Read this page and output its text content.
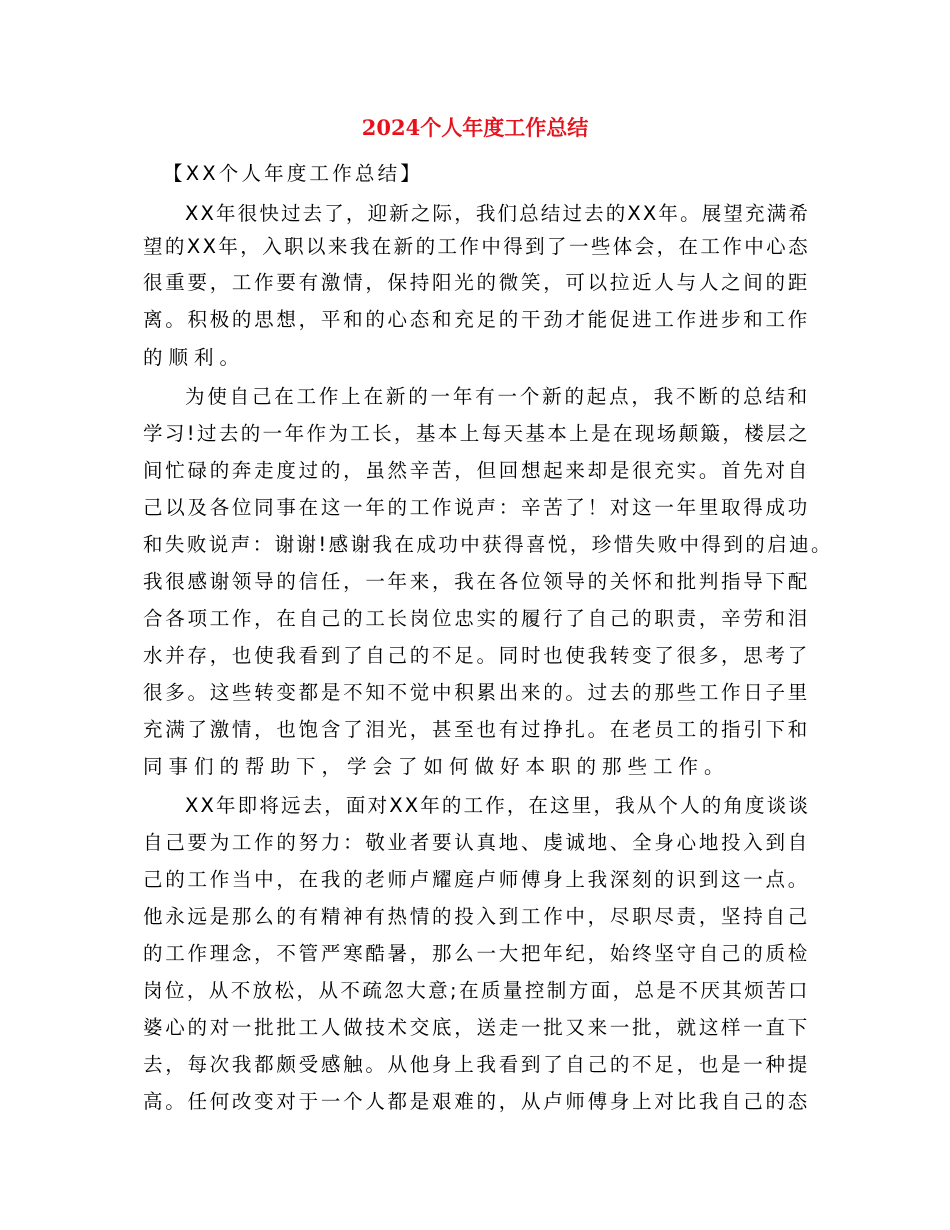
2024个人年度工作总结
【XX个人年度工作总结】
XX年很快过去了，迎新之际，我们总结过去的XX年。展望充满希
望的XX年，入职以来我在新的工作中得到了一些体会，在工作中心态
很重要，工作要有激情，保持阳光的微笑，可以拉近人与人之间的距
离。积极的思想，平和的心态和充足的干劲才能促进工作进步和工作
的顺利。
为使自己在工作上在新的一年有一个新的起点，我不断的总结和
学习!过去的一年作为工长，基本上每天基本上是在现场颠簸，楼层之
间忙碌的奔走度过的，虽然辛苦，但回想起来却是很充实。首先对自
己以及各位同事在这一年的工作说声：辛苦了！对这一年里取得成功
和失败说声：谢谢!感谢我在成功中获得喜悦，珍惜失败中得到的启迪。
我很感谢领导的信任，一年来，我在各位领导的关怀和批判指导下配
合各项工作，在自己的工长岗位忠实的履行了自己的职责，辛劳和泪
水并存，也使我看到了自己的不足。同时也使我转变了很多，思考了
很多。这些转变都是不知不觉中积累出来的。过去的那些工作日子里
充满了激情，也饱含了泪光，甚至也有过挣扎。在老员工的指引下和
同事们的帮助下，学会了如何做好本职的那些工作。
XX年即将远去，面对XX年的工作，在这里，我从个人的角度谈谈
自己要为工作的努力：敬业者要认真地、虔诚地、全身心地投入到自
己的工作当中，在我的老师卢耀庭卢师傅身上我深刻的识到这一点。
他永远是那么的有精神有热情的投入到工作中，尽职尽责，坚持自己
的工作理念，不管严寒酷暑，那么一大把年纪，始终坚守自己的质检
岗位，从不放松，从不疏忽大意;在质量控制方面，总是不厌其烦苦口
婆心的对一批批工人做技术交底，送走一批又来一批，就这样一直下
去，每次我都颇受感触。从他身上我看到了自己的不足，也是一种提
高。任何改变对于一个人都是艰难的，从卢师傅身上对比我自己的态
